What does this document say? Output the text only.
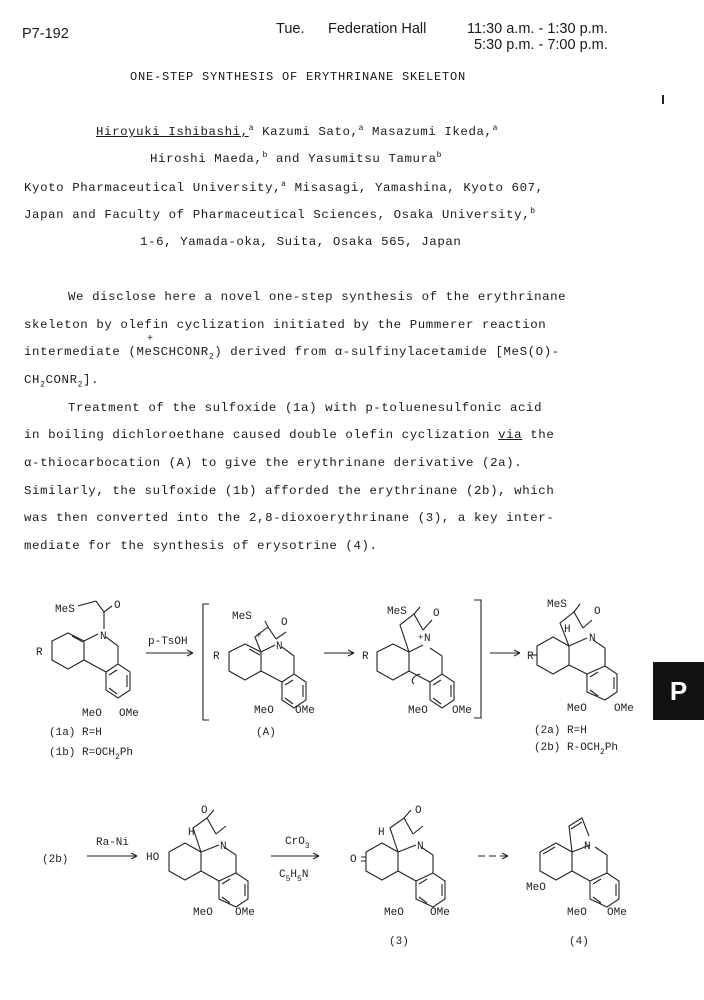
P7-192	Tue. Federation Hall	11:30 a.m. - 1:30 p.m.
5:30 p.m. - 7:00 p.m.
ONE-STEP SYNTHESIS OF ERYTHRINANE SKELETON
Hiroyuki Ishibashi,$^a$ Kazumi Sato,$^a$ Masazumi Ikeda,$^a$
Hiroshi Maeda,$^b$ and Yasumitsu Tamura$^b$
Kyoto Pharmaceutical University,$^a$ Misasagi, Yamashina, Kyoto 607,
Japan and Faculty of Pharmaceutical Sciences, Osaka University,$^b$
1-6, Yamada-oka, Suita, Osaka 565, Japan
We disclose here a novel one-step synthesis of the erythrinane
skeleton by olefin cyclization initiated by the Pummerer reaction
+
intermediate (MeSCHCONR$_2$) derived from α-sulfinylacetamide [MeS(O)-
$CH_2CONR_2$].
Treatment of the sulfoxide (1a) with p-toluenesulfonic acid
in boiling dichloroethane caused double olefin cyclization via the
α-thiocarbocation (A) to give the erythrinane derivative (2a).
Similarly, the sulfoxide (1b) afforded the erythrinane (2b), which
was then converted into the 2,8-dioxoerythrinane (3), a key inter-
mediate for the synthesis of erysotrine (4).
MeS	O
N
R
MeO OMe
p-TsOH
MeS	O
+
N
R
MeO OMe
MeS O
+ N
R
MeO OMe
MeS
O
H
N
R
MeO OMe
(1a) R=H
(1b) $R=OCH_2Ph$
(A)	(2a) R=H
(2b) $R-OCH_2Ph$
(2b)
Ra-Ni
O
H
N
HO
MeO OMe
CrO$_3$
$C_5H_5N$
O
H
N
O
MeO OMe
(3)
N
MeO
MeO OMe
(4)
P
